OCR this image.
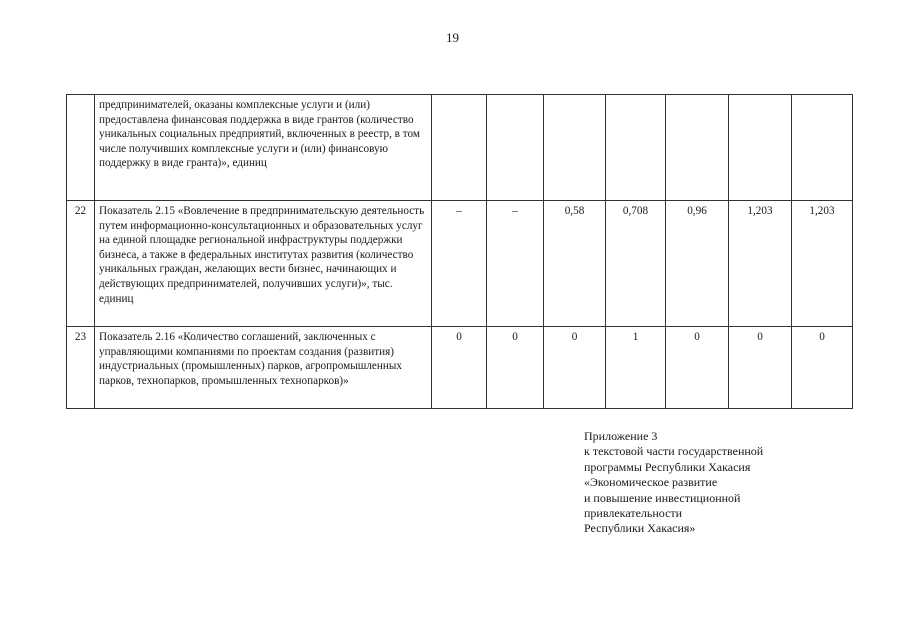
19
	предпринимателей, оказаны комплексные услуги и (или) предоставлена финансовая поддержка в виде грантов (количество уникальных социальных предприятий, включенных в реестр, в том числе получивших комплексные услуги и (или) финансовую поддержку в виде гранта)», единиц							
22	Показатель 2.15 «Вовлечение в предпринимательскую деятельность путем информационно-консультационных и образовательных услуг на единой площадке региональной инфраструктуры поддержки бизнеса, а также в федеральных институтах развития (количество уникальных граждан, желающих вести бизнес, начинающих и действующих предпринимателей, получивших услуги)», тыс. единиц	–	–	0,58	0,708	0,96	1,203	1,203
23	Показатель 2.16 «Количество соглашений, заключенных с управляющими компаниями по проектам создания (развития) индустриальных (промышленных) парков, агропромышленных парков, технопарков, промышленных технопарков)»	0	0	0	1	0	0	0
Приложение 3
к текстовой части государственной
программы Республики Хакасия
«Экономическое развитие
и повышение инвестиционной
привлекательности
Республики Хакасия»
